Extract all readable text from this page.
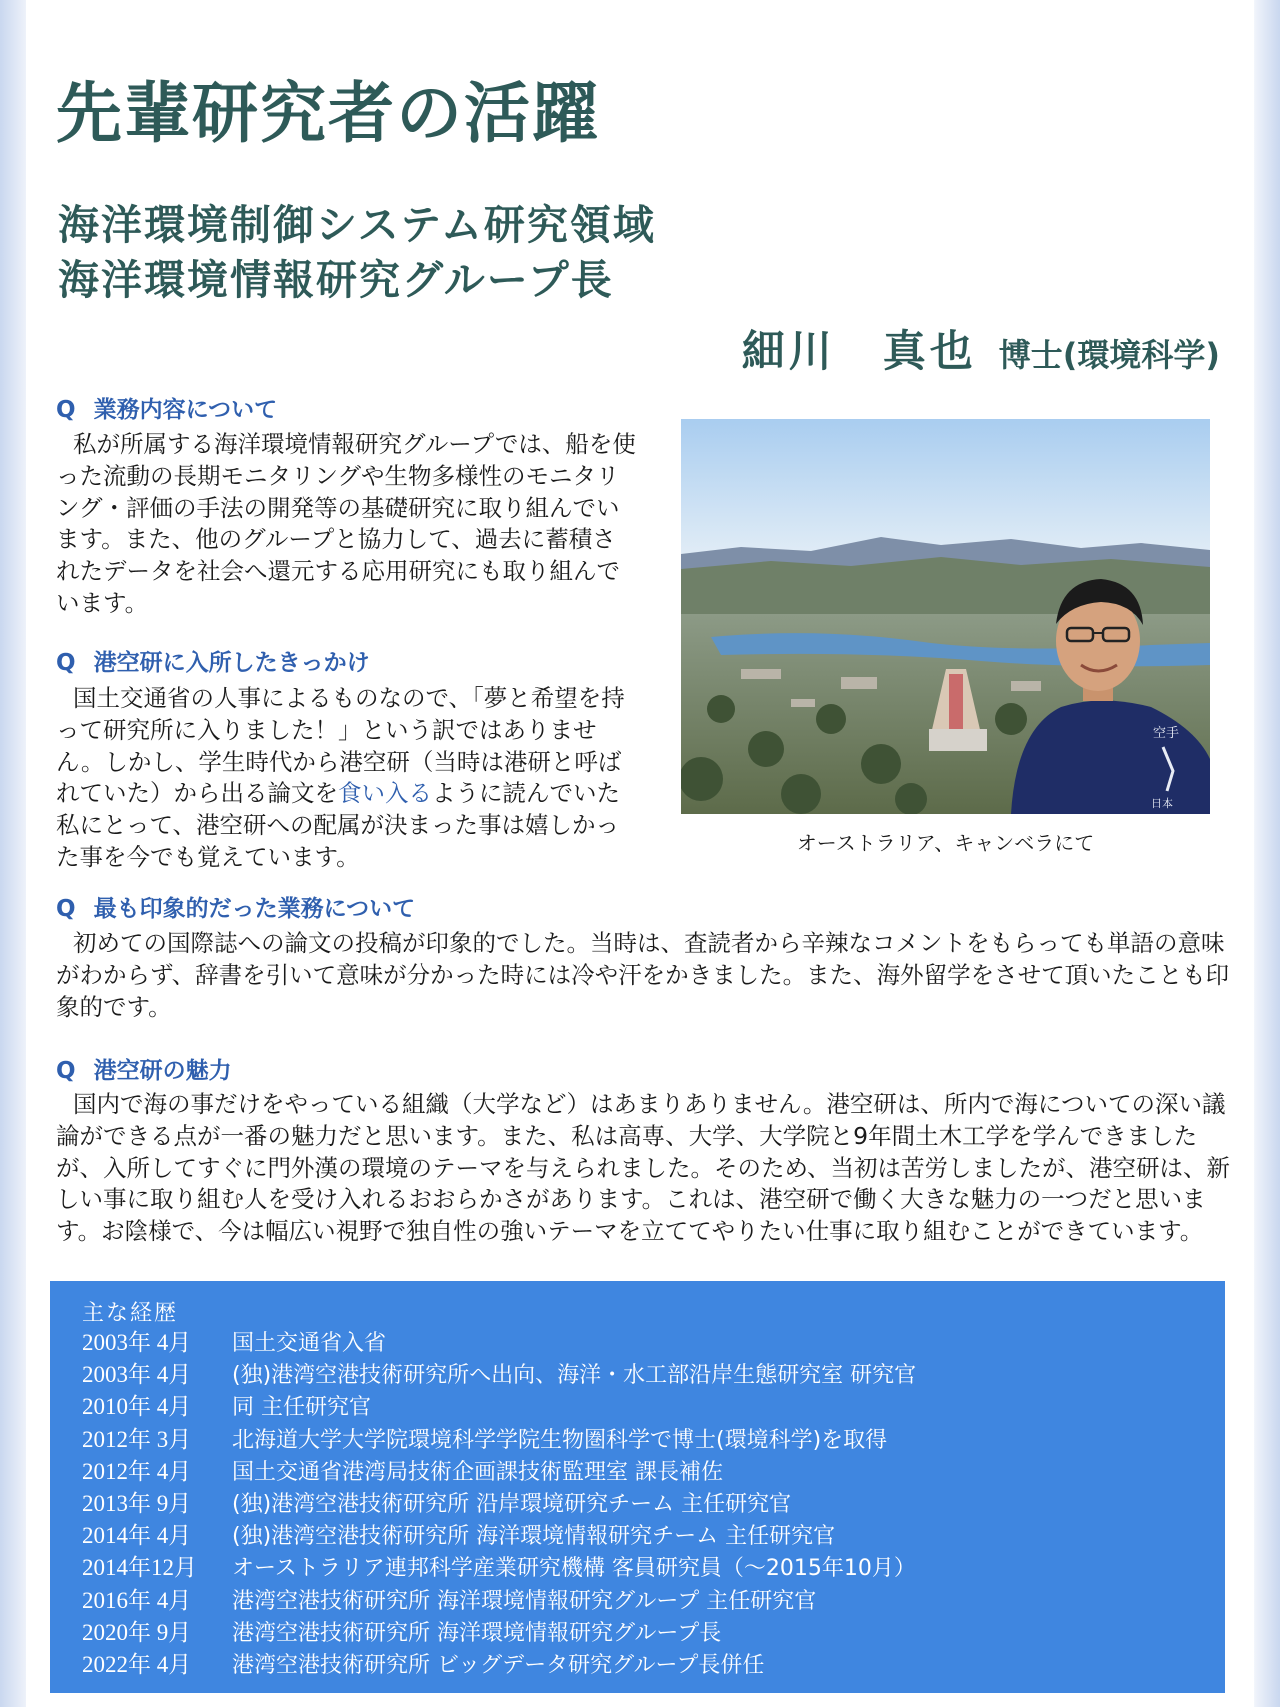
先輩研究者の活躍
海洋環境制御システム研究領域
海洋環境情報研究グループ長
細川　真也 博士(環境科学)
Q 業務内容について

私が所属する海洋環境情報研究グループでは、船を使った流動の長期モニタリングや生物多様性のモニタリング・評価の手法の開発等の基礎研究に取り組んでいます。また、他のグループと協力して、過去に蓄積されたデータを社会へ還元する応用研究にも取り組んでいます。

Q 港空研に入所したきっかけ

国土交通省の人事によるものなので、「夢と希望を持って研究所に入りました！」という訳ではありません。しかし、学生時代から港空研（当時は港研と呼ばれていた）から出る論文を食い入るように読んでいた私にとって、港空研への配属が決まった事は嬉しかった事を今でも覚えています。

空手
日本
オーストラリア、キャンベラにて
Q 最も印象的だった業務について

初めての国際誌への論文の投稿が印象的でした。当時は、査読者から辛辣なコメントをもらっても単語の意味がわからず、辞書を引いて意味が分かった時には冷や汗をかきました。また、海外留学をさせて頂いたことも印象的です。

Q 港空研の魅力

国内で海の事だけをやっている組織（大学など）はあまりありません。港空研は、所内で海についての深い議論ができる点が一番の魅力だと思います。また、私は高専、大学、大学院と9年間土木工学を学んできましたが、入所してすぐに門外漢の環境のテーマを与えられました。そのため、当初は苦労しましたが、港空研は、新しい事に取り組む人を受け入れるおおらかさがあります。これは、港空研で働く大きな魅力の一つだと思います。お陰様で、今は幅広い視野で独自性の強いテーマを立ててやりたい仕事に取り組むことができています。

主な経歴
2003年 4月 国土交通省入省
2003年 4月 (独)港湾空港技術研究所へ出向、海洋・水工部沿岸生態研究室 研究官
2010年 4月 同 主任研究官
2012年 3月 北海道大学大学院環境科学学院生物圏科学で博士(環境科学)を取得
2012年 4月 国土交通省港湾局技術企画課技術監理室 課長補佐
2013年 9月 (独)港湾空港技術研究所 沿岸環境研究チーム 主任研究官
2014年 4月 (独)港湾空港技術研究所 海洋環境情報研究チーム 主任研究官
2014年12月 オーストラリア連邦科学産業研究機構 客員研究員（～2015年10月）
2016年 4月 港湾空港技術研究所 海洋環境情報研究グループ 主任研究官
2020年 9月 港湾空港技術研究所 海洋環境情報研究グループ長
2022年 4月 港湾空港技術研究所 ビッグデータ研究グループ長併任
